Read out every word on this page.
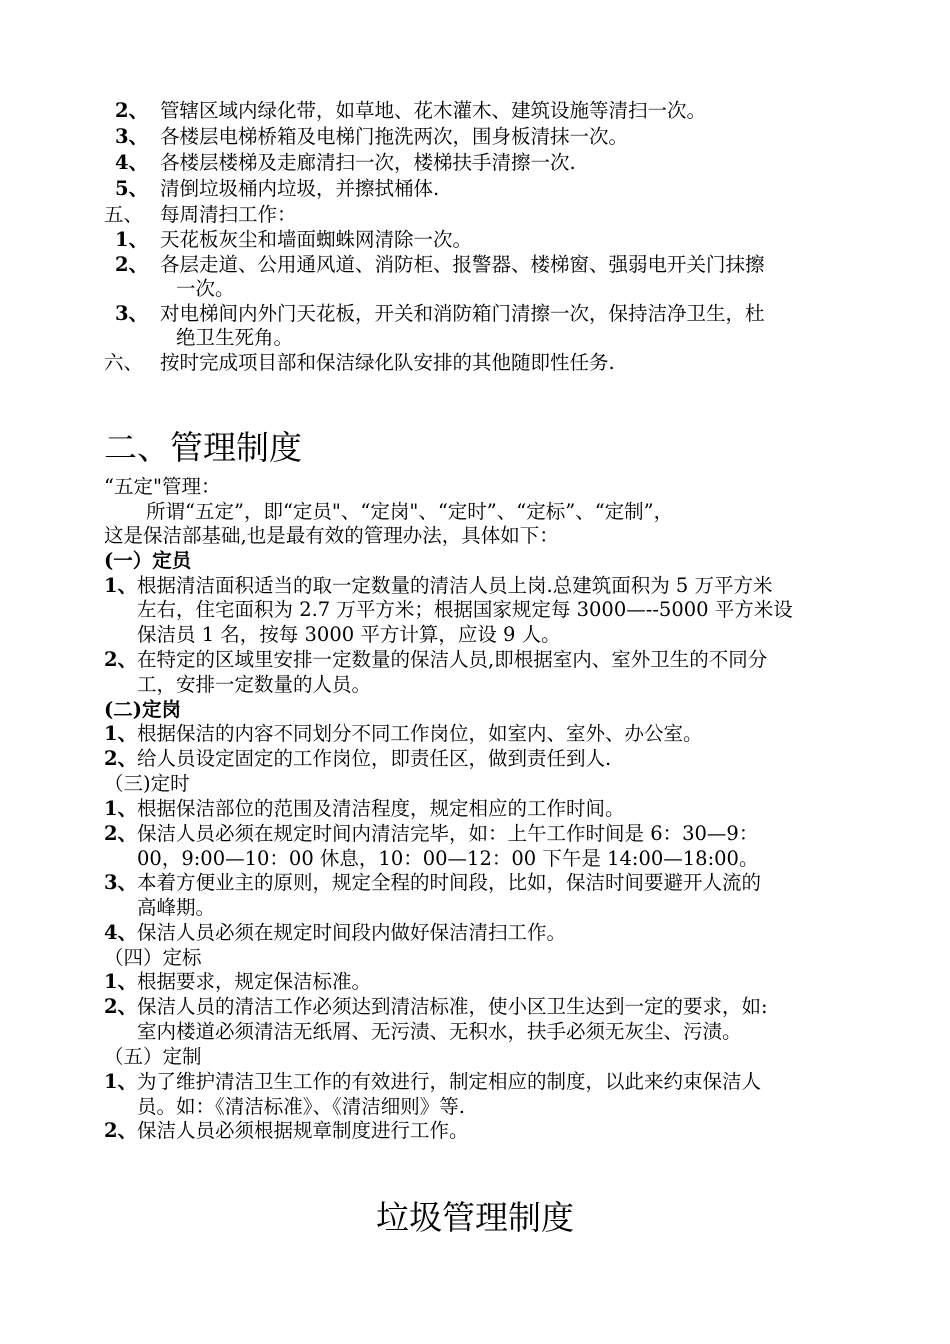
2、 管辖区域内绿化带，如草地、花木灌木、建筑设施等清扫一次。
3、 各楼层电梯桥箱及电梯门拖洗两次，围身板清抹一次。
4、 各楼层楼梯及走廊清扫一次，楼梯扶手清擦一次.
5、 清倒垃圾桶内垃圾，并擦拭桶体.
五、 每周清扫工作：
1、 天花板灰尘和墙面蜘蛛网清除一次。
2、 各层走道、公用通风道、消防柜、报警器、楼梯窗、强弱电开关门抹擦
一次。
3、 对电梯间内外门天花板，开关和消防箱门清擦一次，保持洁净卫生，杜
绝卫生死角。
六、 按时完成项目部和保洁绿化队安排的其他随即性任务.
二、管理制度
“五定"管理：
所谓“五定”，即“定员"、“定岗"、“定时”、“定标”、“定制”，
这是保洁部基础,也是最有效的管理办法，具体如下：
(一）定员
1、 根据清洁面积适当的取一定数量的清洁人员上岗.总建筑面积为 5 万平方米
左右，住宅面积为 2.7 万平方米；根据国家规定每 3000—--5000 平方米设
保洁员 1 名，按每 3000 平方计算，应设 9 人。
2、 在特定的区域里安排一定数量的保洁人员,即根据室内、室外卫生的不同分
工，安排一定数量的人员。
(二)定岗
1、 根据保洁的内容不同划分不同工作岗位，如室内、室外、办公室。
2、 给人员设定固定的工作岗位，即责任区，做到责任到人.
（三)定时
1、 根据保洁部位的范围及清洁程度，规定相应的工作时间。
2、 保洁人员必须在规定时间内清洁完毕，如：上午工作时间是 6：30—9：
00，9:00—10：00 休息，10：00—12：00 下午是 14:00—18:00。
3、 本着方便业主的原则，规定全程的时间段，比如，保洁时间要避开人流的
高峰期。
4、 保洁人员必须在规定时间段内做好保洁清扫工作。
（四）定标
1、 根据要求，规定保洁标准。
2、 保洁人员的清洁工作必须达到清洁标准，使小区卫生达到一定的要求，如:
室内楼道必须清洁无纸屑、无污渍、无积水，扶手必须无灰尘、污渍。
（五）定制
1、 为了维护清洁卫生工作的有效进行，制定相应的制度，以此来约束保洁人
员。如：《清洁标准》、《清洁细则》等.
2、 保洁人员必须根据规章制度进行工作。
垃圾管理制度
